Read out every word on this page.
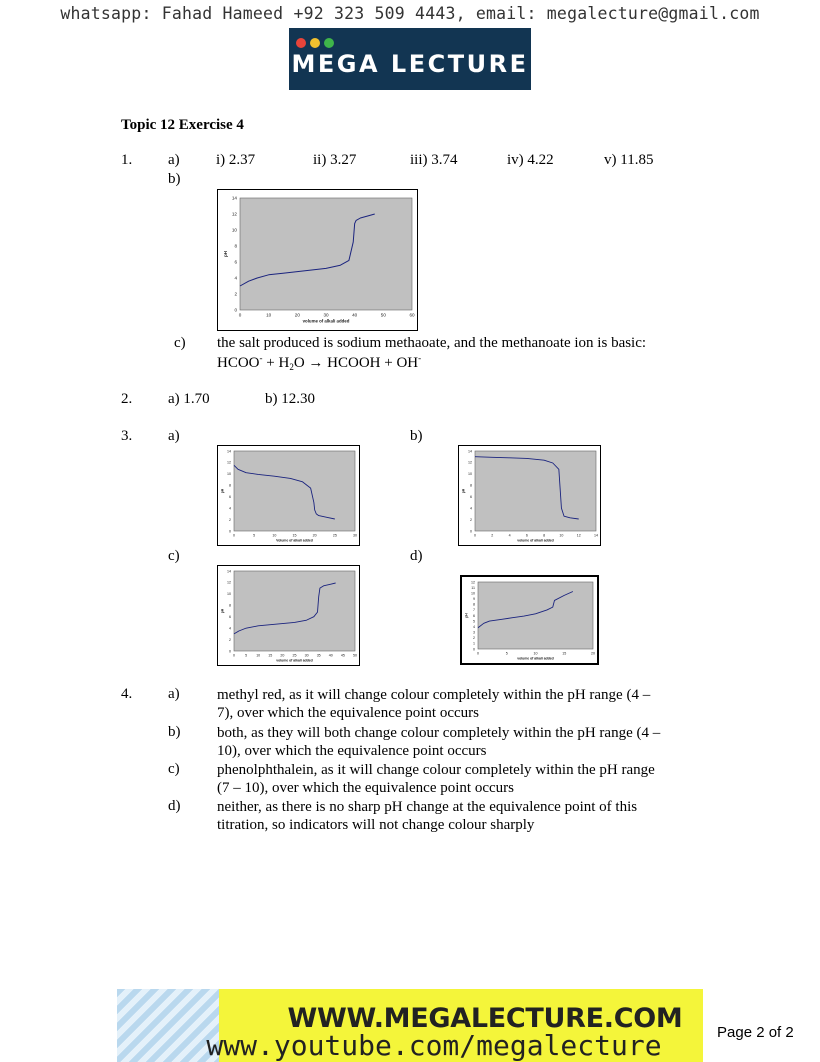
whatsapp: Fahad Hameed +92 323 509 4443, email: megalecture@gmail.com
MEGA LECTURE
Topic 12 Exercise 4
1. a) i) 2.37	ii) 3.27	iii) 3.74	iv) 4.22	v) 11.85
b)
0
2
4
6
8
10
12
14
0	10	20	30	40	50	60
volume of alkali added
pH
c) the salt produced is sodium methaoate, and the methanoate ion is basic:
HCOO- + $H_2O$ → HCOOH + OH-
2. a) 1.70	b) 12.30
3. a)	b)
0
2
4
6
8
10
12
14
0	5	10	15	20	25	30
Volume of alkali added
pH
0
2
4
6
8
10
12
14
0	2	4	6	8	10	12	14
volume of alkali added
pH
c)	d)
0
2
4
6
8
10
12
14
0	5	10 15 20 25 30 35 40 45 50
volume of alkali added
pH
0
1
2
3
4
5
6
7
8
9
10
11
12
0	5	10	15	20
volume of alkali added
pH
4. a) methyl red, as it will change colour completely within the pH range (4 –
7), over which the equivalence point occurs
b) both, as they will both change colour completely within the pH range (4 –
10), over which the equivalence point occurs
c) phenolphthalein, as it will change colour completely within the pH range
(7 – 10), over which the equivalence point occurs
d) neither, as there is no sharp pH change at the equivalence point of this
titration, so indicators will not change colour sharply
WWW.MEGALECTURE.COM
www.youtube.com/megalecture	Page 2 of 2
